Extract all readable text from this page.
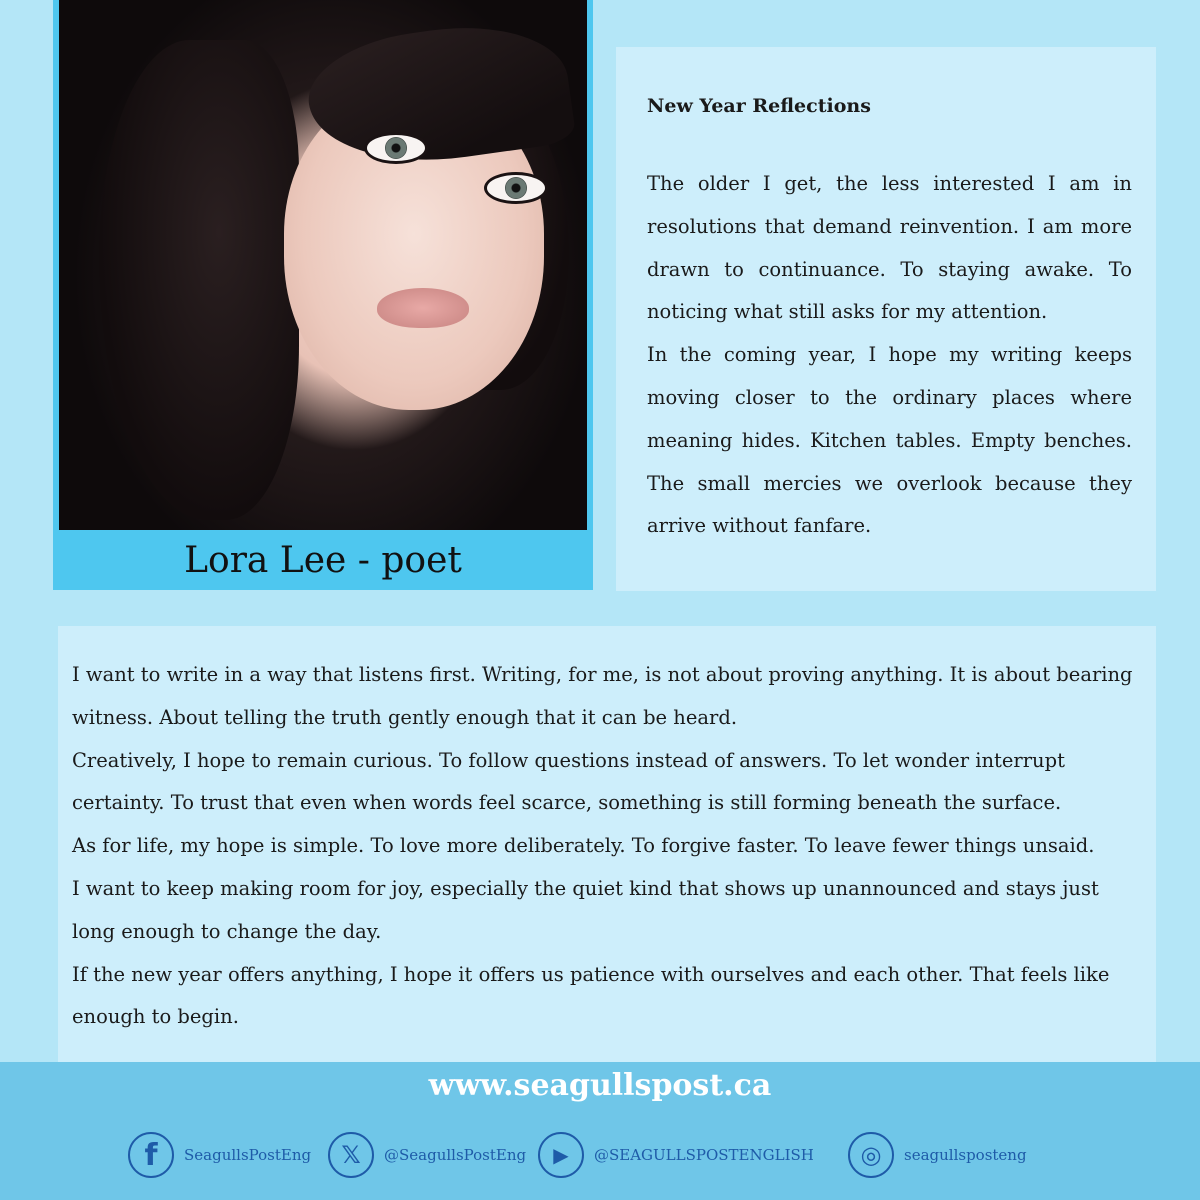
Lora Lee - poet
New Year Reflections

The older I get, the less interested I am in resolutions that demand reinvention. I am more drawn to continuance. To staying awake. To noticing what still asks for my attention.

In the coming year, I hope my writing keeps moving closer to the ordinary places where meaning hides. Kitchen tables. Empty benches. The small mercies we overlook because they arrive without fanfare.

I want to write in a way that listens first. Writing, for me, is not about proving anything. It is about bearing witness. About telling the truth gently enough that it can be heard.

Creatively, I hope to remain curious. To follow questions instead of answers. To let wonder interrupt certainty. To trust that even when words feel scarce, something is still forming beneath the surface.

As for life, my hope is simple. To love more deliberately. To forgive faster. To leave fewer things unsaid.

I want to keep making room for joy, especially the quiet kind that shows up unannounced and stays just long enough to change the day.

If the new year offers anything, I hope it offers us patience with ourselves and each other. That feels like enough to begin.

www.seagullspost.ca
f	SeagullsPostEng	𝕏	@SeagullsPostEng	▶	@SEAGULLSPOSTENGLISH	◎	seagullsposteng
